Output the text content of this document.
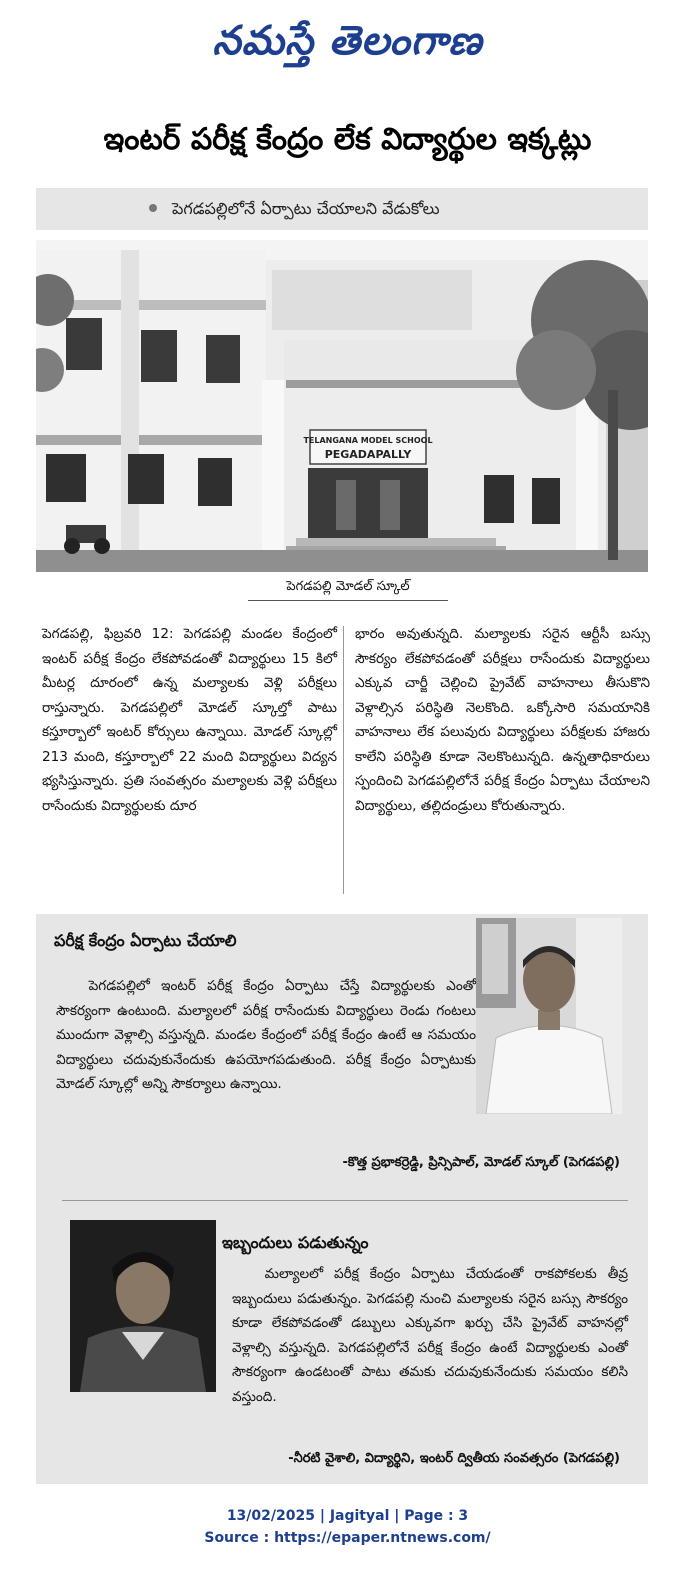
నమస్తే తెలంగాణ
ఇంటర్ పరీక్ష కేంద్రం లేక విద్యార్థుల ఇక్కట్లు
పెగడపల్లిలోనే ఏర్పాటు చేయాలని వేడుకోలు
TELANGANA MODEL SCHOOL
PEGADAPALLY
పెగడపల్లి మోడల్ స్కూల్
పెగడపల్లి, ఫిబ్రవరి 12: పెగడపల్లి మండల కేంద్రంలో ఇంటర్ పరీక్ష కేంద్రం లేకపోవడంతో విద్యార్థులు 15 కిలో మీటర్ల దూరంలో ఉన్న మల్యాలకు వెళ్లి పరీక్షలు రాస్తున్నారు. పెగడపల్లిలో మోడల్ స్కూల్తో పాటు కస్తూర్బాలో ఇంటర్ కోర్సులు ఉన్నాయి. మోడల్ స్కూల్లో 213 మంది, కస్తూర్బాలో 22 మంది విద్యార్థులు విద్యన భ్యసిస్తున్నారు. ప్రతి సంవత్సరం మల్యాలకు వెళ్లి పరీక్షలు రాసేందుకు విద్యార్థులకు దూర
భారం అవుతున్నది. మల్యాలకు సరైన ఆర్టీసీ బస్సు సౌకర్యం లేకపోవడంతో పరీక్షలు రాసేందుకు విద్యార్థులు ఎక్కువ చార్జీ చెల్లించి ప్రైవేట్ వాహనాలు తీసుకొని వెళ్లాల్సిన పరిస్థితి నెలకొంది. ఒక్కోసారి సమయానికి వాహనాలు లేక పలువురు విద్యార్థులు పరీక్షలకు హాజరు కాలేని పరిస్థితి కూడా నెలకొంటున్నది. ఉన్నతాధికారులు స్పందించి పెగడపల్లిలోనే పరీక్ష కేంద్రం ఏర్పాటు చేయాలని విద్యార్థులు, తల్లిదండ్రులు కోరుతున్నారు.
పరీక్ష కేంద్రం ఏర్పాటు చేయాలి
పెగడపల్లిలో ఇంటర్ పరీక్ష కేంద్రం ఏర్పాటు చేస్తే విద్యార్థులకు ఎంతో సౌకర్యంగా ఉంటుంది. మల్యాలలో పరీక్ష రాసేందుకు విద్యార్థులు రెండు గంటలు ముందుగా వెళ్లాల్సి వస్తున్నది. మండల కేంద్రంలో పరీక్ష కేంద్రం ఉంటే ఆ సమయం విద్యార్థులు చదువుకునేందుకు ఉపయోగపడుతుంది. పరీక్ష కేంద్రం ఏర్పాటుకు మోడల్ స్కూల్లో అన్ని సౌకర్యాలు ఉన్నాయి.
-కొత్త ప్రభాకర్రెడ్డి, ప్రిన్సిపాల్, మోడల్ స్కూల్ (పెగడపల్లి)
ఇబ్బందులు పడుతున్నం
మల్యాలలో పరీక్ష కేంద్రం ఏర్పాటు చేయడంతో రాకపోకలకు తీవ్ర ఇబ్బందులు పడుతున్నం. పెగడపల్లి నుంచి మల్యాలకు సరైన బస్సు సౌకర్యం కూడా లేకపోవడంతో డబ్బులు ఎక్కువగా ఖర్చు చేసి ప్రైవేట్ వాహనల్లో వెళ్లాల్సి వస్తున్నది. పెగడపల్లిలోనే పరీక్ష కేంద్రం ఉంటే విద్యార్థులకు ఎంతో సౌకర్యంగా ఉండటంతో పాటు తమకు చదువుకునేందుకు సమయం కలిసి వస్తుంది.
-నీరటి వైశాలి, విద్యార్థిని, ఇంటర్ ద్వితీయ సంవత్సరం (పెగడపల్లి)
13/02/2025 | Jagityal | Page : 3
Source : https://epaper.ntnews.com/
